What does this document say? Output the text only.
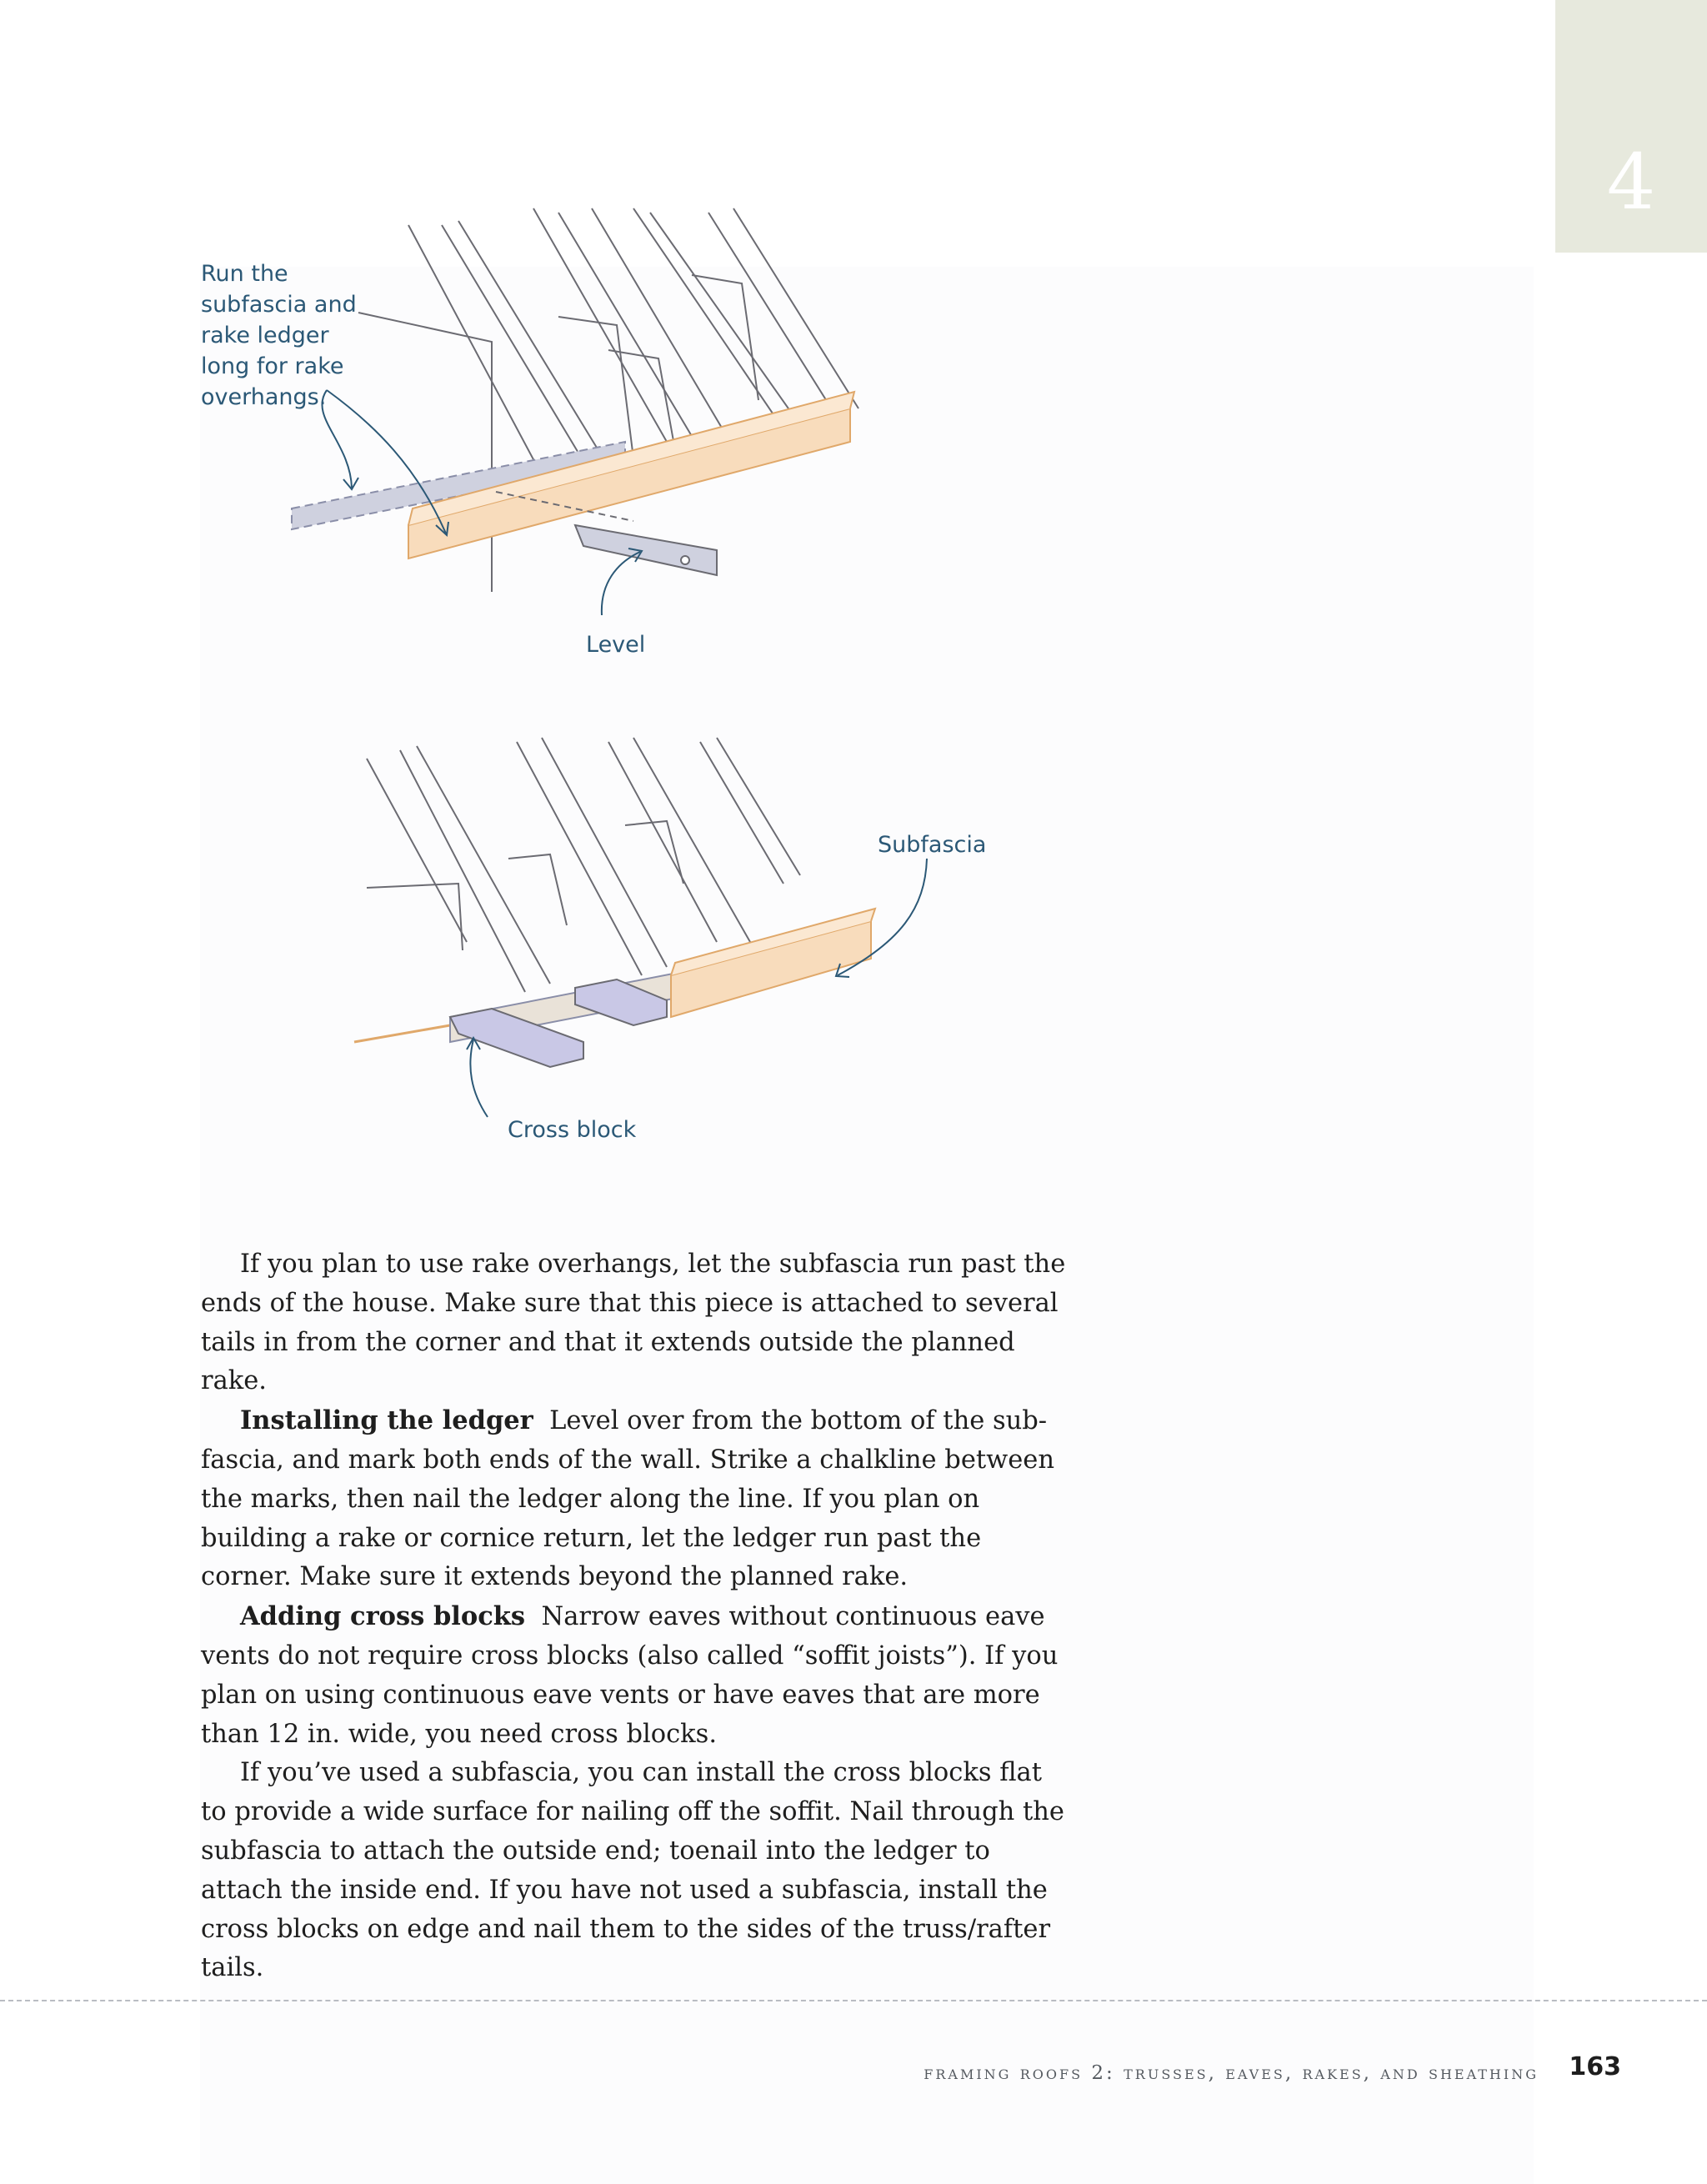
4
Run the
subfascia and
rake ledger
long for rake
overhangs.
Level
Subfascia
Cross block

If you plan to use rake overhangs, let the subfascia run past the ends of the house. Make sure that this piece is attached to several tails in from the corner and that it extends outside the planned rake.

Installing the ledger Level over from the bottom of the subfascia, and mark both ends of the wall. Strike a chalkline between the marks, then nail the ledger along the line. If you plan on building a rake or cornice return, let the ledger run past the corner. Make sure it extends beyond the planned rake.

Adding cross blocks Narrow eaves without continuous eave vents do not require cross blocks (also called “soffit joists”). If you plan on using continuous eave vents or have eaves that are more than 12 in. wide, you need cross blocks.

If you’ve used a subfascia, you can install the cross blocks flat to provide a wide surface for nailing off the soffit. Nail through the subfascia to attach the outside end; toenail into the ledger to attach the inside end. If you have not used a subfascia, install the cross blocks on edge and nail them to the sides of the truss/rafter tails.

framing roofs 2: trusses, eaves, rakes, and sheathing 163
